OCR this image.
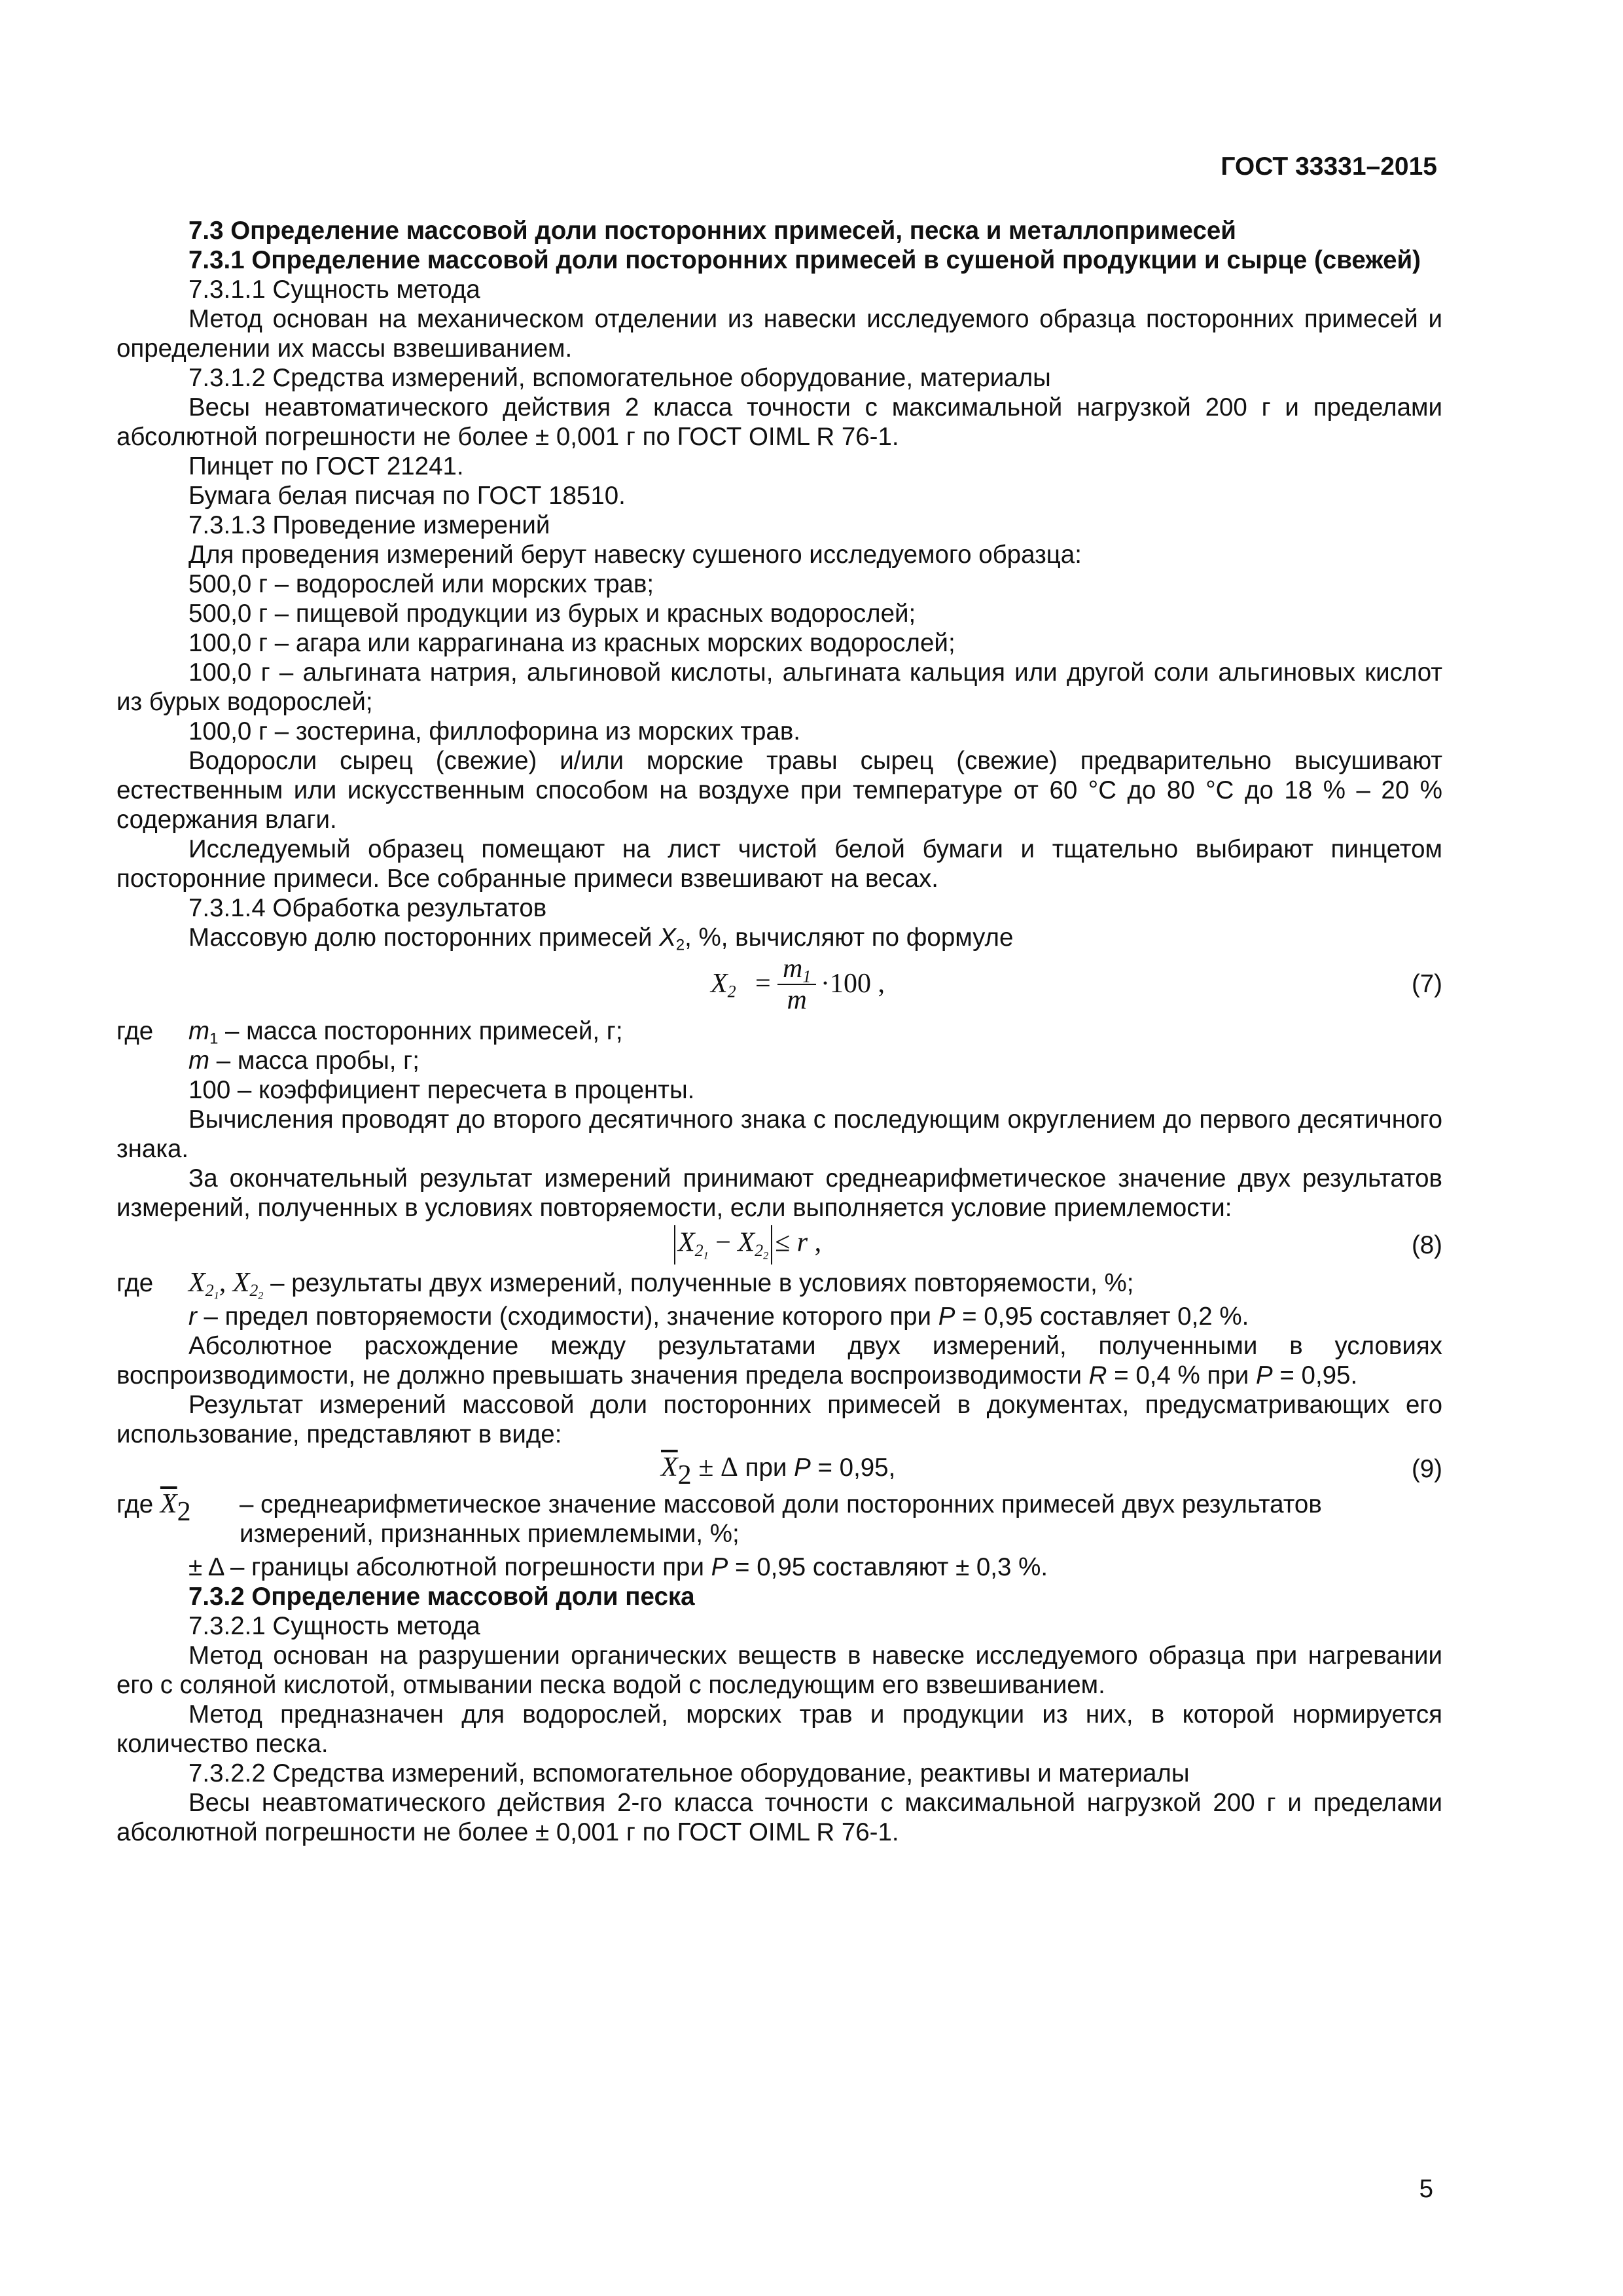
ГОСТ 33331–2015

7.3 Определение массовой доли посторонних примесей, песка и металлопримесей

7.3.1 Определение массовой доли посторонних примесей в сушеной продукции и сырце (свежей)

7.3.1.1 Сущность метода

Метод основан на механическом отделении из навески исследуемого образца посторонних примесей и определении их массы взвешиванием.

7.3.1.2 Средства измерений, вспомогательное оборудование, материалы

Весы неавтоматического действия 2 класса точности с максимальной нагрузкой 200 г и пределами абсолютной погрешности не более ± 0,001 г по ГОСТ OIML R 76-1.

Пинцет по ГОСТ 21241.

Бумага белая писчая по ГОСТ 18510.

7.3.1.3 Проведение измерений

Для проведения измерений берут навеску сушеного исследуемого образца:

500,0 г – водорослей или морских трав;

500,0 г – пищевой продукции из бурых и красных водорослей;

100,0 г – агара или каррагинана из красных морских водорослей;

100,0 г – альгината натрия, альгиновой кислоты, альгината кальция или другой соли альгиновых кислот из бурых водорослей;

100,0 г – зостерина, филлофорина из морских трав.

Водоросли сырец (свежие) и/или морские травы сырец (свежие) предварительно высушивают естественным или искусственным способом на воздухе при температуре от 60 °С до 80 °С до 18 % – 20 % содержания влаги.

Исследуемый образец помещают на лист чистой белой бумаги и тщательно выбирают пинцетом посторонние примеси. Все собранные примеси взвешивают на весах.

7.3.1.4 Обработка результатов

Массовую долю посторонних примесей $X_2$, %, вычисляют по формуле

$X_2 = \frac{m_1}{m} \cdot 100$ ,	(7)
где	$m_1$ – масса посторонних примесей, г;

m – масса пробы, г;

100 – коэффициент пересчета в проценты.

Вычисления проводят до второго десятичного знака с последующим округлением до первого десятичного знака.

За окончательный результат измерений принимают среднеарифметическое значение двух результатов измерений, полученных в условиях повторяемости, если выполняется условие приемлемости:

$X_{2_1} - X_{2_2} \le r$ ,	(8)
где	$X_{2_1}$, $X_{2_2}$ – результаты двух измерений, полученные в условиях повторяемости, %;

r – предел повторяемости (сходимости), значение которого при P = 0,95 составляет 0,2 %.

Абсолютное расхождение между результатами двух измерений, полученными в условиях воспроизводимости, не должно превышать значения предела воспроизводимости R = 0,4 % при P = 0,95.

Результат измерений массовой доли посторонних примесей в документах, предусматривающих его использование, представляют в виде:

$\overline{X}_2 \pm \Delta$ при P = 0,95,	(9)
где $\overline{X}_2$	– среднеарифметическое значение массовой доли посторонних примесей двух результатов измерений, признанных приемлемыми, %;

± Δ – границы абсолютной погрешности при P = 0,95 составляют ± 0,3 %.

7.3.2 Определение массовой доли песка

7.3.2.1 Сущность метода

Метод основан на разрушении органических веществ в навеске исследуемого образца при нагревании его с соляной кислотой, отмывании песка водой с последующим его взвешиванием.

Метод предназначен для водорослей, морских трав и продукции из них, в которой нормируется количество песка.

7.3.2.2 Средства измерений, вспомогательное оборудование, реактивы и материалы

Весы неавтоматического действия 2-го класса точности с максимальной нагрузкой 200 г и пределами абсолютной погрешности не более ± 0,001 г по ГОСТ OIML R 76-1.

5
